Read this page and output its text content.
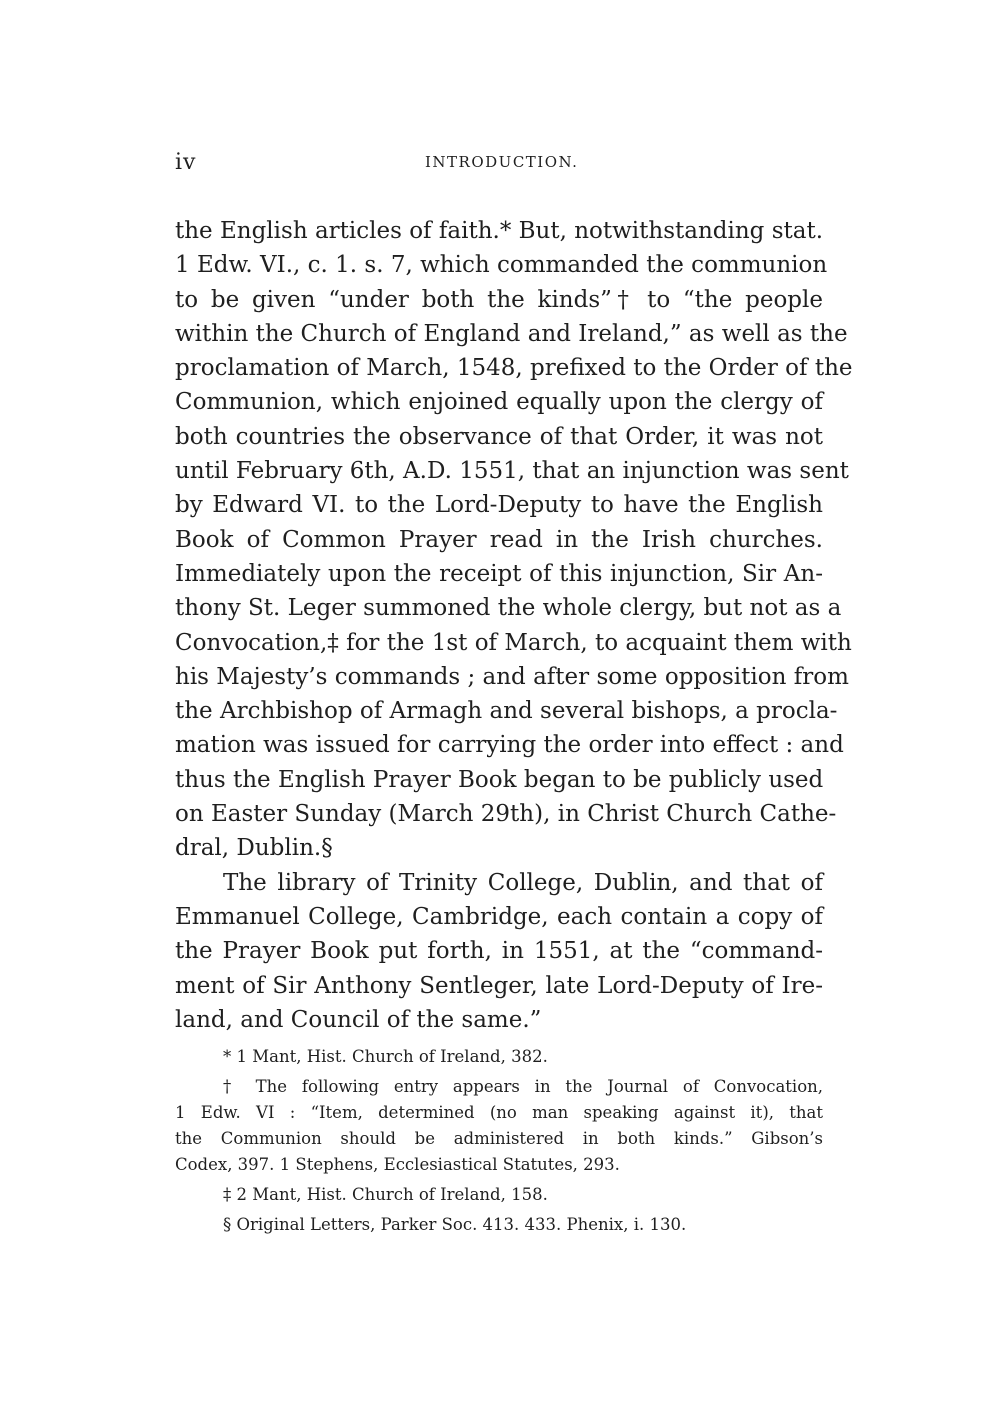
iv	INTRODUCTION.
the English articles of faith.* But, notwithstanding stat.
1 Edw. VI., c. 1. s. 7, which commanded the communion
to be given “under both the kinds”† to “the people
within the Church of England and Ireland,” as well as the
proclamation of March, 1548, prefixed to the Order of the
Communion, which enjoined equally upon the clergy of
both countries the observance of that Order, it was not
until February 6th, A.D. 1551, that an injunction was sent
by Edward VI. to the Lord-Deputy to have the English
Book of Common Prayer read in the Irish churches.
Immediately upon the receipt of this injunction, Sir An-
thony St. Leger summoned the whole clergy, but not as a
Convocation,‡ for the 1st of March, to acquaint them with
his Majesty’s commands ; and after some opposition from
the Archbishop of Armagh and several bishops, a procla-
mation was issued for carrying the order into effect : and
thus the English Prayer Book began to be publicly used
on Easter Sunday (March 29th), in Christ Church Cathe-
dral, Dublin.§
The library of Trinity College, Dublin, and that of
Emmanuel College, Cambridge, each contain a copy of
the Prayer Book put forth, in 1551, at the “command-
ment of Sir Anthony Sentleger, late Lord-Deputy of Ire-
land, and Council of the same.”
* 1 Mant, Hist. Church of Ireland, 382.
† The following entry appears in the Journal of Convocation,
1 Edw. VI : “Item, determined (no man speaking against it), that
the Communion should be administered in both kinds.” Gibson’s
Codex, 397. 1 Stephens, Ecclesiastical Statutes, 293.
‡ 2 Mant, Hist. Church of Ireland, 158.
§ Original Letters, Parker Soc. 413. 433. Phenix, i. 130.
